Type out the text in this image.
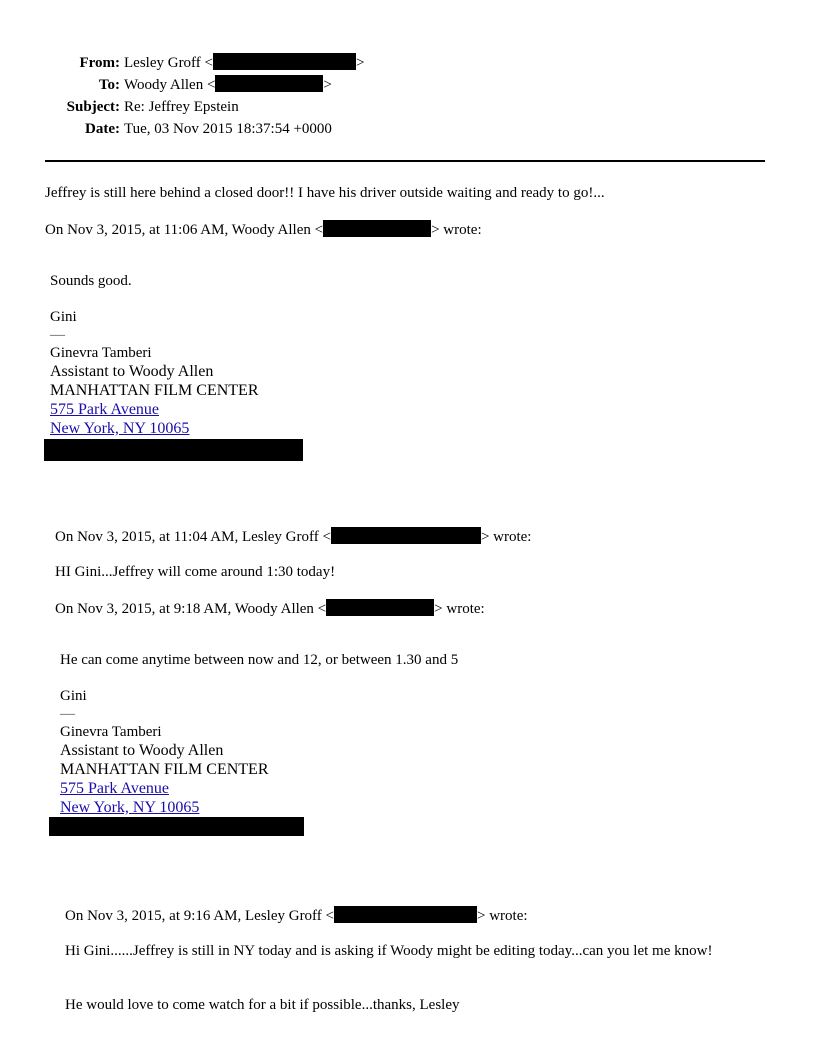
From: Lesley Groff <	>
To: Woody Allen <	>
Subject: Re: Jeffrey Epstein
Date: Tue, 03 Nov 2015 18:37:54 +0000
Jeffrey is still here behind a closed door!! I have his driver outside waiting and ready to go!...
On Nov 3, 2015, at 11:06 AM, Woody Allen <	> wrote:
Sounds good.
Gini
—
Ginevra Tamberi
Assistant to Woody Allen
MANHATTAN FILM CENTER
575 Park Avenue
New York, NY 10065
On Nov 3, 2015, at 11:04 AM, Lesley Groff <	> wrote:
HI Gini...Jeffrey will come around 1:30 today!
On Nov 3, 2015, at 9:18 AM, Woody Allen <	> wrote:
He can come anytime between now and 12, or between 1.30 and 5
Gini
—
Ginevra Tamberi
Assistant to Woody Allen
MANHATTAN FILM CENTER
575 Park Avenue
New York, NY 10065
On Nov 3, 2015, at 9:16 AM, Lesley Groff <	> wrote:
Hi Gini......Jeffrey is still in NY today and is asking if Woody might be editing today...can you let me know!
He would love to come watch for a bit if possible...thanks, Lesley
